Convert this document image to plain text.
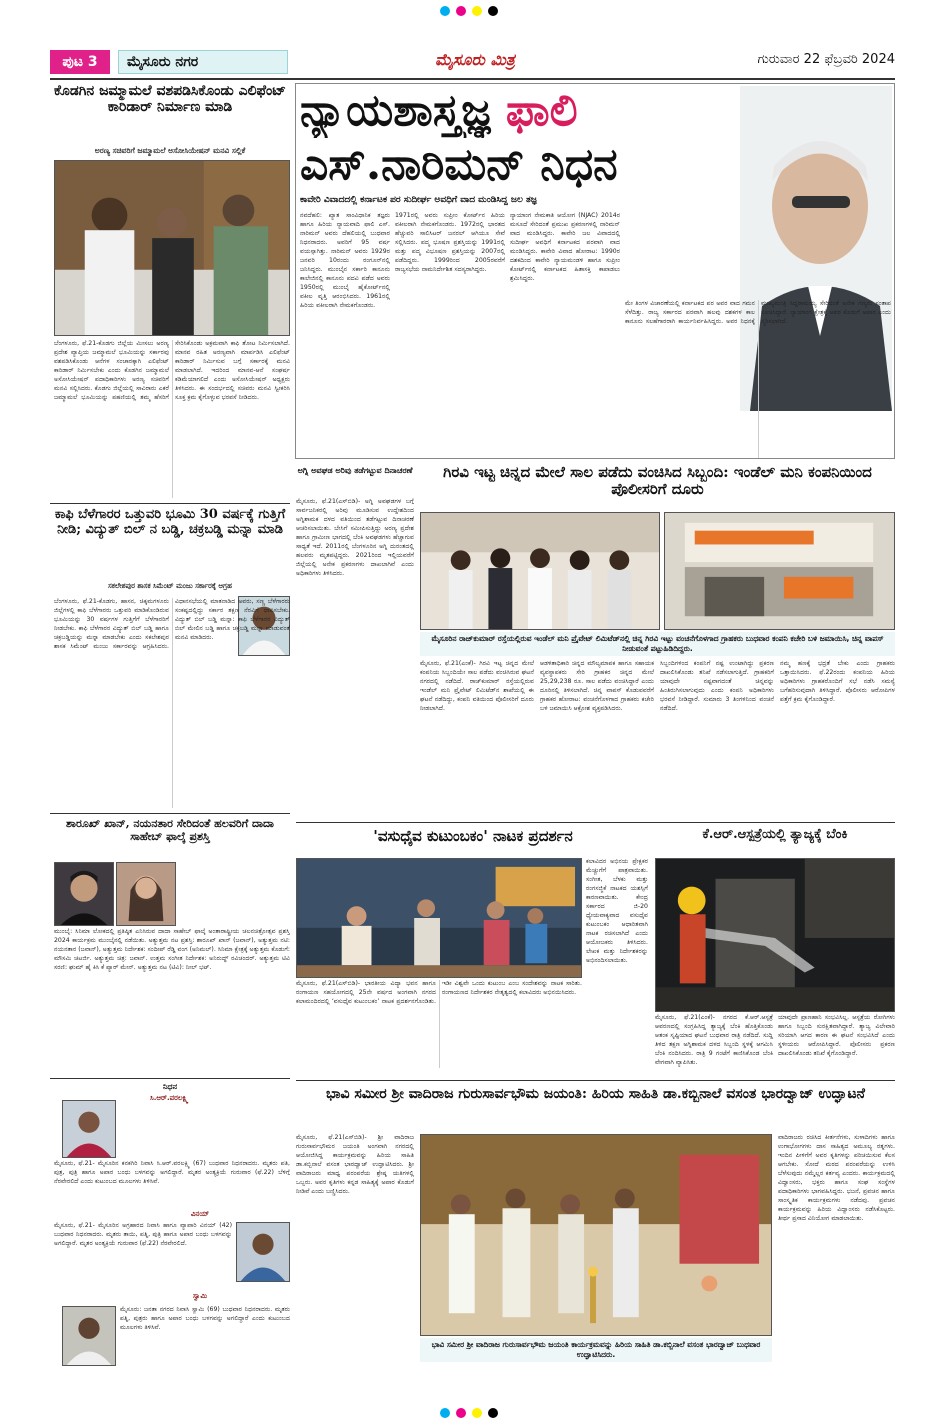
ಪುಟ 3	ಮೈಸೂರು ನಗರ	ಮೈಸೂರು ಮಿತ್ರ	ಗುರುವಾರ 22 ಫೆಬ್ರವರಿ 2024
ಕೊಡಗಿನ ಜಮ್ಮಾಮಲೆ ವಶಪಡಿಸಿಕೊಂಡು ಎಲಿಫೆಂಟ್ ಕಾರಿಡಾರ್ ನಿರ್ಮಾಣ ಮಾಡಿ
ಅರಣ್ಯ ಸಚಿವರಿಗೆ ಜಮ್ಮಾಮಲೆ ಅಸೋಸಿಯೇಷನ್ ಮನವಿ ಸಲ್ಲಿಕೆ
ಬೆಂಗಳೂರು, ಫೆ.21-ಕೊಡಗು ಜಿಲ್ಲೆಯ ಮೀಸಲು ಅರಣ್ಯ ಪ್ರದೇಶ ವ್ಯಾಪ್ತಿಯ ಜಮ್ಮಾಮಲೆ ಭೂಮಿಯನ್ನು ಸರ್ಕಾರವು ವಶಪಡಿಸಿಕೊಂಡು ಆನೆಗಳ ಸಂಚಾರಕ್ಕಾಗಿ ಎಲಿಫೆಂಟ್ ಕಾರಿಡಾರ್ ನಿರ್ಮಿಸಬೇಕು ಎಂದು ಕೊಡಗಿನ ಜಮ್ಮಾಮಲೆ ಅಸೋಸಿಯೇಷನ್ ಪದಾಧಿಕಾರಿಗಳು ಅರಣ್ಯ ಸಚಿವರಿಗೆ ಮನವಿ ಸಲ್ಲಿಸಿದರು. ಕೊಡಗು ಜಿಲ್ಲೆಯಲ್ಲಿ ಸಾವಿರಾರು ಎಕರೆ ಜಮ್ಮಾಮಲೆ ಭೂಮಿಯನ್ನು ಪಹಣಿಯಲ್ಲಿ ತಮ್ಮ ಹೆಸರಿಗೆ ಸೇರಿಸಿಕೊಂಡು ಅಕ್ರಮವಾಗಿ ಕಾಫಿ ತೋಟ ನಿರ್ಮಿಸಲಾಗಿದೆ. ಮಾನವ ರಹಿತ ಅರಣ್ಯವಾಗಿ ಮಾರ್ಪಡಿಸಿ ಎಲಿಫೆಂಟ್ ಕಾರಿಡಾರ್ ನಿರ್ಮಿಸುವ ಬಗ್ಗೆ ಸರ್ಕಾರಕ್ಕೆ ಮನವಿ ಮಾಡಲಾಗಿದೆ. ಇದರಿಂದ ಮಾನವ-ಆನೆ ಸಂಘರ್ಷ ಕಡಿಮೆಯಾಗಲಿದೆ ಎಂದು ಅಸೋಸಿಯೇಷನ್ ಅಧ್ಯಕ್ಷರು ತಿಳಿಸಿದರು. ಈ ಸಂದರ್ಭದಲ್ಲಿ ಸಚಿವರು ಮನವಿ ಸ್ವೀಕರಿಸಿ ಸೂಕ್ತ ಕ್ರಮ ಕೈಗೊಳ್ಳುವ ಭರವಸೆ ನೀಡಿದರು.
ನ್ಯಾಯಶಾಸ್ತ್ರಜ್ಞ ಫಾಲಿ
ಎಸ್.ನಾರಿಮನ್ ನಿಧನ
ಕಾವೇರಿ ವಿವಾದದಲ್ಲಿ ಕರ್ನಾಟಕ ಪರ ಸುದೀರ್ಘ ಅವಧಿಗೆ ವಾದ ಮಂಡಿಸಿದ್ದ ಜಲ ತಜ್ಞ
ನವದೆಹಲಿ: ಖ್ಯಾತ ಸಾಂವಿಧಾನಿಕ ತಜ್ಞರು ಹಾಗೂ ಹಿರಿಯ ನ್ಯಾಯವಾದಿ ಫಾಲಿ ಎಸ್. ನಾರಿಮನ್ ಅವರು ದೆಹಲಿಯಲ್ಲಿ ಬುಧವಾರ ನಿಧನರಾದರು. ಅವರಿಗೆ 95 ವರ್ಷ ವಯಸ್ಸಾಗಿತ್ತು. ನಾರಿಮನ್ ಅವರು 1929ರ ಜನವರಿ 10ರಂದು ರಂಗೂನ್‌ನಲ್ಲಿ ಜನಿಸಿದ್ದರು. ಮುಂಬೈನ ಸರ್ಕಾರಿ ಕಾನೂನು ಕಾಲೇಜಿನಲ್ಲಿ ಕಾನೂನು ಪದವಿ ಪಡೆದ ಅವರು 1950ರಲ್ಲಿ ಮುಂಬೈ ಹೈಕೋರ್ಟ್‌ನಲ್ಲಿ ವಕೀಲ ವೃತ್ತಿ ಆರಂಭಿಸಿದರು. 1961ರಲ್ಲಿ ಹಿರಿಯ ವಕೀಲರಾಗಿ ನೇಮಕಗೊಂಡರು.
1971ರಲ್ಲಿ ಅವರು ಸುಪ್ರೀಂ ಕೋರ್ಟ್‌ನ ಹಿರಿಯ ವಕೀಲರಾಗಿ ನೇಮಕಗೊಂಡರು. 1972ರಲ್ಲಿ ಭಾರತದ ಹೆಚ್ಚುವರಿ ಸಾಲಿಸಿಟರ್ ಜನರಲ್ ಆಗಿಯೂ ಸೇವೆ ಸಲ್ಲಿಸಿದರು. ಪದ್ಮ ಭೂಷಣ ಪ್ರಶಸ್ತಿಯನ್ನು 1991ರಲ್ಲಿ ಮತ್ತು ಪದ್ಮ ವಿಭೂಷಣ ಪ್ರಶಸ್ತಿಯನ್ನು 2007ರಲ್ಲಿ ಪಡೆದಿದ್ದರು. 1999ರಿಂದ 2005ರವರೆಗೆ ರಾಜ್ಯಸಭೆಯ ನಾಮನಿರ್ದೇಶಿತ ಸದಸ್ಯರಾಗಿದ್ದರು.
ನ್ಯಾಯಾಂಗ ನೇಮಕಾತಿ ಆಯೋಗ (NJAC) 2014ರ ಮಸೂದೆ ಸೇರಿದಂತೆ ಪ್ರಮುಖ ಪ್ರಕರಣಗಳಲ್ಲಿ ನಾರಿಮನ್ ವಾದ ಮಂಡಿಸಿದ್ದರು. ಕಾವೇರಿ ಜಲ ವಿವಾದದಲ್ಲಿ ಸುದೀರ್ಘ ಅವಧಿಗೆ ಕರ್ನಾಟಕದ ಪರವಾಗಿ ವಾದ ಮಂಡಿಸಿದ್ದರು. ಕಾವೇರಿ ವಿವಾದ ಹೋರಾಟ: 1990ರ ದಶಕದಿಂದ ಕಾವೇರಿ ನ್ಯಾಯಮಂಡಳಿ ಹಾಗೂ ಸುಪ್ರೀಂ ಕೋರ್ಟ್‌ನಲ್ಲಿ ಕರ್ನಾಟಕದ ಹಿತಾಸಕ್ತಿ ಕಾಪಾಡಲು ಶ್ರಮಿಸಿದ್ದರು.
ಮೇ ತಿಂಗಳ ವಿಚಾರಣೆಯಲ್ಲಿ ಕರ್ನಾಟಕದ ಪರ ಅವರ ವಾದ ಗಮನ ಸೆಳೆದಿತ್ತು. ರಾಜ್ಯ ಸರ್ಕಾರದ ಪರವಾಗಿ ಹಲವು ದಶಕಗಳ ಕಾಲ ಕಾನೂನು ಸಲಹೆಗಾರರಾಗಿ ಕಾರ್ಯನಿರ್ವಹಿಸಿದ್ದರು. ಅವರ ನಿಧನಕ್ಕೆ ಮುಖ್ಯಮಂತ್ರಿ ಸಿದ್ದರಾಮಯ್ಯ ಸೇರಿದಂತೆ ಅನೇಕ ಗಣ್ಯರು ಸಂತಾಪ ಸೂಚಿಸಿದ್ದಾರೆ. ನ್ಯಾಯಾಂಗ ಕ್ಷೇತ್ರಕ್ಕೆ ಅವರ ಕೊಡುಗೆ ಅಪಾರ ಎಂದು ಸ್ಮರಿಸಲಾಗಿದೆ.
ಕಾಫಿ ಬೆಳೆಗಾರರ ಒತ್ತುವರಿ ಭೂಮಿ 30 ವರ್ಷಕ್ಕೆ ಗುತ್ತಿಗೆ ನೀಡಿ; ವಿದ್ಯುತ್ ಬಿಲ್ ನ ಬಡ್ಡಿ, ಚಕ್ರಬಡ್ಡಿ ಮನ್ನಾ ಮಾಡಿ
ಸಕಲೇಶಪುರ ಶಾಸಕ ಸಿಮೆಂಟ್ ಮಂಜು ಸರ್ಕಾರಕ್ಕೆ ಆಗ್ರಹ
ಬೆಂಗಳೂರು, ಫೆ.21-ಕೊಡಗು, ಹಾಸನ, ಚಿಕ್ಕಮಗಳೂರು ಜಿಲ್ಲೆಗಳಲ್ಲಿ ಕಾಫಿ ಬೆಳೆಗಾರರು ಒತ್ತುವರಿ ಮಾಡಿಕೊಂಡಿರುವ ಭೂಮಿಯನ್ನು 30 ವರ್ಷಗಳ ಗುತ್ತಿಗೆಗೆ ಬೆಳೆಗಾರರಿಗೆ ನೀಡಬೇಕು. ಕಾಫಿ ಬೆಳೆಗಾರರ ವಿದ್ಯುತ್ ಬಿಲ್ ಬಡ್ಡಿ ಹಾಗೂ ಚಕ್ರಬಡ್ಡಿಯನ್ನು ಮನ್ನಾ ಮಾಡಬೇಕು ಎಂದು ಸಕಲೇಶಪುರ ಶಾಸಕ ಸಿಮೆಂಟ್ ಮಂಜು ಸರ್ಕಾರವನ್ನು ಆಗ್ರಹಿಸಿದರು. ವಿಧಾನಸಭೆಯಲ್ಲಿ ಮಾತನಾಡಿದ ಅವರು, ಸಣ್ಣ ಬೆಳೆಗಾರರು ಸಂಕಷ್ಟದಲ್ಲಿದ್ದು ಸರ್ಕಾರ ತಕ್ಷಣ ನೆರವಿಗೆ ಧಾವಿಸಬೇಕು. ವಿದ್ಯುತ್ ಬಿಲ್ ಬಡ್ಡಿ ಮನ್ನಾ: ಕಾಫಿ ಬೆಳೆಗಾರರ ವಿದ್ಯುತ್ ಬಿಲ್ ಮೇಲಿನ ಬಡ್ಡಿ ಹಾಗೂ ಚಕ್ರಬಡ್ಡಿ ಮನ್ನಾ ಮಾಡುವಂತೆ ಮನವಿ ಮಾಡಿದರು.
ಅಗ್ನಿ ಅವಘಡ ಅರಿವು ತಡೆಗಟ್ಟುವ ದಿನಾಚರಣೆ
ಮೈಸೂರು, ಫೆ.21(ಎಸ್‌ಬಿಡಿ)- ಅಗ್ನಿ ಅವಘಡಗಳ ಬಗ್ಗೆ ಸಾರ್ವಜನಿಕರಲ್ಲಿ ಅರಿವು ಮೂಡಿಸುವ ಉದ್ದೇಶದಿಂದ ಅಗ್ನಿಶಾಮಕ ದಳದ ವತಿಯಿಂದ ತಡೆಗಟ್ಟುವ ದಿನಾಚರಣೆ ಆಚರಿಸಲಾಯಿತು. ಬೇಸಿಗೆ ಸಮೀಪಿಸುತ್ತಿದ್ದು ಅರಣ್ಯ ಪ್ರದೇಶ ಹಾಗೂ ಗ್ರಾಮೀಣ ಭಾಗದಲ್ಲಿ ಬೆಂಕಿ ಅವಘಡಗಳು ಹೆಚ್ಚಾಗುವ ಸಾಧ್ಯತೆ ಇದೆ. 2011ರಲ್ಲಿ ಬೆಂಗಳೂರಿನ ಅಗ್ನಿ ದುರಂತದಲ್ಲಿ ಹಲವರು ಮೃತಪಟ್ಟಿದ್ದರು. 2021ರಿಂದ ಇಲ್ಲಿಯವರೆಗೆ ಜಿಲ್ಲೆಯಲ್ಲಿ ಅನೇಕ ಪ್ರಕರಣಗಳು ದಾಖಲಾಗಿವೆ ಎಂದು ಅಧಿಕಾರಿಗಳು ತಿಳಿಸಿದರು.
ಗಿರವಿ ಇಟ್ಟ ಚಿನ್ನದ ಮೇಲೆ ಸಾಲ ಪಡೆದು ವಂಚಿಸಿದ ಸಿಬ್ಬಂದಿ: ಇಂಡೆಲ್ ಮನಿ ಕಂಪನಿಯಿಂದ ಪೊಲೀಸರಿಗೆ ದೂರು
ಮೈಸೂರಿನ ರಾಜ್‌ಕುಮಾರ್ ರಸ್ತೆಯಲ್ಲಿರುವ ಇಂಡೆಲ್ ಮನಿ ಪ್ರೈವೇಟ್ ಲಿಮಿಟೆಡ್‌ನಲ್ಲಿ ಚಿನ್ನ ಗಿರವಿ ಇಟ್ಟು ವಂಚನೆಗೊಳಗಾದ ಗ್ರಾಹಕರು ಬುಧವಾರ ಕಂಪನಿ ಕಚೇರಿ ಬಳಿ ಜಮಾಯಿಸಿ, ಚಿನ್ನ ವಾಪಸ್ ನೀಡುವಂತೆ ಪಟ್ಟುಹಿಡಿದಿದ್ದರು.
ಮೈಸೂರು, ಫೆ.21(ಎಂಕೆ)- ಗಿರವಿ ಇಟ್ಟ ಚಿನ್ನದ ಮೇಲೆ ಕಂಪನಿಯ ಸಿಬ್ಬಂದಿಯೇ ಸಾಲ ಪಡೆದು ವಂಚಿಸಿರುವ ಘಟನೆ ನಗರದಲ್ಲಿ ನಡೆದಿದೆ. ರಾಜ್‌ಕುಮಾರ್ ರಸ್ತೆಯಲ್ಲಿರುವ ಇಂಡೆಲ್ ಮನಿ ಪ್ರೈವೇಟ್ ಲಿಮಿಟೆಡ್‌ನ ಶಾಖೆಯಲ್ಲಿ ಈ ಘಟನೆ ನಡೆದಿದ್ದು, ಕಂಪನಿ ವತಿಯಿಂದ ಪೊಲೀಸರಿಗೆ ದೂರು ನೀಡಲಾಗಿದೆ.
ಆಡಳಿತಾಧಿಕಾರಿ ಚಿನ್ನದ ಮೌಲ್ಯಮಾಪಕ ಹಾಗೂ ಸಹಾಯಕ ವ್ಯವಸ್ಥಾಪಕರು ಸೇರಿ ಗ್ರಾಹಕರ ಚಿನ್ನದ ಮೇಲೆ 25,29,238 ರೂ. ಸಾಲ ಪಡೆದು ವಂಚಿಸಿದ್ದಾರೆ ಎಂದು ದೂರಿನಲ್ಲಿ ತಿಳಿಸಲಾಗಿದೆ. ಚಿನ್ನ ವಾಪಸ್ ಕೊಡುವವರೆಗೆ ಗ್ರಾಹಕರ ಹೋರಾಟ: ವಂಚನೆಗೊಳಗಾದ ಗ್ರಾಹಕರು ಕಚೇರಿ ಬಳಿ ಜಮಾಯಿಸಿ ಆಕ್ರೋಶ ವ್ಯಕ್ತಪಡಿಸಿದರು.
ಸಿಬ್ಬಂದಿಗಳಿಂದ ಕಂಪನಿಗೆ ನಷ್ಟ ಉಂಟಾಗಿದ್ದು ಪ್ರಕರಣ ದಾಖಲಿಸಿಕೊಂಡು ತನಿಖೆ ನಡೆಸಲಾಗುತ್ತಿದೆ. ಗ್ರಾಹಕರಿಗೆ ಯಾವುದೇ ನಷ್ಟವಾಗದಂತೆ ಚಿನ್ನವನ್ನು ಹಿಂತಿರುಗಿಸಲಾಗುವುದು ಎಂದು ಕಂಪನಿ ಅಧಿಕಾರಿಗಳು ಭರವಸೆ ನೀಡಿದ್ದಾರೆ. ಸುಮಾರು 3 ತಿಂಗಳಿನಿಂದ ವಂಚನೆ ನಡೆದಿದೆ.
ನಮ್ಮ ಹಣಕ್ಕೆ ಭದ್ರತೆ ಬೇಕು ಎಂದು ಗ್ರಾಹಕರು ಒತ್ತಾಯಿಸಿದರು. ಫೆ.22ರಂದು ಕಂಪನಿಯ ಹಿರಿಯ ಅಧಿಕಾರಿಗಳು ಗ್ರಾಹಕರೊಂದಿಗೆ ಸಭೆ ನಡೆಸಿ ಸಮಸ್ಯೆ ಬಗೆಹರಿಸುವುದಾಗಿ ತಿಳಿಸಿದ್ದಾರೆ. ಪೊಲೀಸರು ಆರೋಪಿಗಳ ಪತ್ತೆಗೆ ಕ್ರಮ ಕೈಗೊಂಡಿದ್ದಾರೆ.
ಶಾರೂಖ್ ಖಾನ್, ನಯನತಾರ ಸೇರಿದಂತೆ ಹಲವರಿಗೆ ದಾದಾ ಸಾಹೇಬ್ ಫಾಲ್ಕೆ ಪ್ರಶಸ್ತಿ
ಮುಂಬೈ: ಸಿನಿಮಾ ಲೋಕದಲ್ಲಿ ಪ್ರತಿಷ್ಠಿತ ಎನಿಸಿರುವ ದಾದಾ ಸಾಹೇಬ್ ಫಾಲ್ಕೆ ಅಂತಾರಾಷ್ಟ್ರೀಯ ಚಲನಚಿತ್ರೋತ್ಸವ ಪ್ರಶಸ್ತಿ 2024 ಕಾರ್ಯಕ್ರಮ ಮುಂಬೈನಲ್ಲಿ ನಡೆಯಿತು. ಅತ್ಯುತ್ತಮ ನಟ ಪ್ರಶಸ್ತಿ: ಶಾರೂಖ್ ಖಾನ್ (ಜವಾನ್), ಅತ್ಯುತ್ತಮ ನಟಿ: ನಯನತಾರ (ಜವಾನ್), ಅತ್ಯುತ್ತಮ ನಿರ್ದೇಶಕ: ಸಂದೀಪ್ ರೆಡ್ಡಿ ವಂಗ (ಅನಿಮಲ್). ಸಿನಿಮಾ ಕ್ಷೇತ್ರಕ್ಕೆ ಅತ್ಯುತ್ತಮ ಕೊಡುಗೆ: ಮೌಸಮಿ ಚಟರ್ಜಿ. ಅತ್ಯುತ್ತಮ ಚಿತ್ರ: ಜವಾನ್. ಉತ್ತಮ ಸಂಗೀತ ನಿರ್ದೇಶಕ: ಅನಿರುದ್ಧ್ ರವಿಚಂದರ್. ಅತ್ಯುತ್ತಮ ಟಿವಿ ಸರಣಿ: ಘುಮ್ ಹೈ ಕಿಸಿ ಕೆ ಪ್ಯಾರ್ ಮೇನ್. ಅತ್ಯುತ್ತಮ ನಟ (ಟಿವಿ): ನೀಲ್ ಭಟ್.
ನಿಧನ
ಸಿ.ಆರ್.ವರಲಕ್ಷ್ಮಿ
ಮೈಸೂರು, ಫೆ.21- ಮೈಸೂರಿನ ಕನಕಗಿರಿ ನಿವಾಸಿ ಸಿ.ಆರ್.ವರಲಕ್ಷ್ಮಿ (67) ಬುಧವಾರ ನಿಧನರಾದರು. ಮೃತರು ಪತಿ, ಪುತ್ರ, ಪುತ್ರಿ ಹಾಗೂ ಅಪಾರ ಬಂಧು ಬಳಗವನ್ನು ಅಗಲಿದ್ದಾರೆ. ಮೃತರ ಅಂತ್ಯಕ್ರಿಯೆ ಗುರುವಾರ (ಫೆ.22) ಬೆಳಿಗ್ಗೆ ನೆರವೇರಲಿದೆ ಎಂದು ಕುಟುಂಬದ ಮೂಲಗಳು ತಿಳಿಸಿವೆ.
ವಿನಯ್
ಮೈಸೂರು, ಫೆ.21- ಮೈಸೂರಿನ ಅಗ್ರಹಾರದ ನಿವಾಸಿ ಹಾಗೂ ವ್ಯಾಪಾರಿ ವಿನಯ್ (42) ಬುಧವಾರ ನಿಧನರಾದರು. ಮೃತರು ತಾಯಿ, ಪತ್ನಿ, ಪುತ್ರಿ ಹಾಗೂ ಅಪಾರ ಬಂಧು ಬಳಗವನ್ನು ಅಗಲಿದ್ದಾರೆ. ಮೃತರ ಅಂತ್ಯಕ್ರಿಯೆ ಗುರುವಾರ (ಫೆ.22) ನೆರವೇರಲಿದೆ.
ಸ್ವಾಮಿ
ಮೈಸೂರು: ಜನತಾ ನಗರದ ನಿವಾಸಿ ಸ್ವಾಮಿ (69) ಬುಧವಾರ ನಿಧನರಾದರು. ಮೃತರು ಪತ್ನಿ, ಪುತ್ರರು ಹಾಗೂ ಅಪಾರ ಬಂಧು ಬಳಗವನ್ನು ಅಗಲಿದ್ದಾರೆ ಎಂದು ಕುಟುಂಬದ ಮೂಲಗಳು ತಿಳಿಸಿವೆ.
'ವಸುಧೈವ ಕುಟುಂಬಕಂ' ನಾಟಕ ಪ್ರದರ್ಶನ
ಮೈಸೂರು, ಫೆ.21(ಎಸ್‌ಬಿಡಿ)- ಭಾರತೀಯ ವಿದ್ಯಾ ಭವನ ಹಾಗೂ ರಂಗಾಯಣ ಸಹಯೋಗದಲ್ಲಿ 25ನೇ ವರ್ಷದ ಅಂಗವಾಗಿ ನಗರದ ಕಲಾಮಂದಿರದಲ್ಲಿ ‘ವಸುಧೈವ ಕುಟುಂಬಕಂ’ ನಾಟಕ ಪ್ರದರ್ಶನಗೊಂಡಿತು. ಇಡೀ ವಿಶ್ವವೇ ಒಂದು ಕುಟುಂಬ ಎಂಬ ಸಂದೇಶವನ್ನು ನಾಟಕ ಸಾರಿತು. ರಂಗಾಯಣದ ನಿರ್ದೇಶಕರ ನೇತೃತ್ವದಲ್ಲಿ ಕಲಾವಿದರು ಅಭಿನಯಿಸಿದರು.
ಕಲಾವಿದರ ಅಭಿನಯ ಪ್ರೇಕ್ಷಕರ ಮೆಚ್ಚುಗೆಗೆ ಪಾತ್ರವಾಯಿತು. ಸಂಗೀತ, ಬೆಳಕು ಮತ್ತು ರಂಗಸಜ್ಜಿಕೆ ನಾಟಕದ ಯಶಸ್ಸಿಗೆ ಕಾರಣವಾಯಿತು. ಕೇಂದ್ರ ಸರ್ಕಾರದ ಜಿ-20 ಧ್ಯೇಯವಾಕ್ಯವಾದ ವಸುಧೈವ ಕುಟುಂಬಕಂ ಆಧಾರಿತವಾಗಿ ನಾಟಕ ರಚಿಸಲಾಗಿದೆ ಎಂದು ಆಯೋಜಕರು ತಿಳಿಸಿದರು. ಲೇಖಕ ಮತ್ತು ನಿರ್ದೇಶಕರನ್ನು ಅಭಿನಂದಿಸಲಾಯಿತು.
ಕೆ.ಆರ್.ಆಸ್ಪತ್ರೆಯಲ್ಲಿ ತ್ಯಾಜ್ಯಕ್ಕೆ ಬೆಂಕಿ
ಮೈಸೂರು, ಫೆ.21(ಎಂಕೆ)- ನಗರದ ಕೆ.ಆರ್.ಆಸ್ಪತ್ರೆ ಆವರಣದಲ್ಲಿ ಸಂಗ್ರಹಿಸಿದ್ದ ತ್ಯಾಜ್ಯಕ್ಕೆ ಬೆಂಕಿ ಹೊತ್ತಿಕೊಂಡು ಆತಂಕ ಸೃಷ್ಟಿಯಾದ ಘಟನೆ ಬುಧವಾರ ರಾತ್ರಿ ನಡೆದಿದೆ. ಸುದ್ದಿ ತಿಳಿದ ತಕ್ಷಣ ಅಗ್ನಿಶಾಮಕ ದಳದ ಸಿಬ್ಬಂದಿ ಸ್ಥಳಕ್ಕೆ ಆಗಮಿಸಿ ಬೆಂಕಿ ನಂದಿಸಿದರು. ರಾತ್ರಿ 9 ಗಂಟೆಗೆ ಕಾಣಿಸಿಕೊಂಡ ಬೆಂಕಿ ವೇಗವಾಗಿ ವ್ಯಾಪಿಸಿತು.
ಯಾವುದೇ ಪ್ರಾಣಹಾನಿ ಸಂಭವಿಸಿಲ್ಲ. ಆಸ್ಪತ್ರೆಯ ರೋಗಿಗಳು ಹಾಗೂ ಸಿಬ್ಬಂದಿ ಸುರಕ್ಷಿತವಾಗಿದ್ದಾರೆ. ತ್ಯಾಜ್ಯ ವಿಲೇವಾರಿ ಸರಿಯಾಗಿ ಆಗದ ಕಾರಣ ಈ ಘಟನೆ ಸಂಭವಿಸಿದೆ ಎಂದು ಸ್ಥಳೀಯರು ಆರೋಪಿಸಿದ್ದಾರೆ. ಪೊಲೀಸರು ಪ್ರಕರಣ ದಾಖಲಿಸಿಕೊಂಡು ತನಿಖೆ ಕೈಗೊಂಡಿದ್ದಾರೆ.
ಭಾವಿ ಸಮೀರ ಶ್ರೀ ವಾದಿರಾಜ ಗುರುಸಾರ್ವಭೌಮ ಜಯಂತಿ: ಹಿರಿಯ ಸಾಹಿತಿ ಡಾ.ಕಬ್ಬಿನಾಲೆ ವಸಂತ ಭಾರದ್ವಾಜ್ ಉದ್ಘಾಟನೆ
ಮೈಸೂರು, ಫೆ.21(ಎಸ್‌ಬಿಡಿ)- ಶ್ರೀ ವಾದಿರಾಜ ಗುರುಸಾರ್ವಭೌಮರ ಜಯಂತಿ ಅಂಗವಾಗಿ ನಗರದಲ್ಲಿ ಆಯೋಜಿಸಿದ್ದ ಕಾರ್ಯಕ್ರಮವನ್ನು ಹಿರಿಯ ಸಾಹಿತಿ ಡಾ.ಕಬ್ಬಿನಾಲೆ ವಸಂತ ಭಾರದ್ವಾಜ್ ಉದ್ಘಾಟಿಸಿದರು. ಶ್ರೀ ವಾದಿರಾಜರು ಮಾಧ್ವ ಪರಂಪರೆಯ ಶ್ರೇಷ್ಠ ಯತಿಗಳಲ್ಲಿ ಒಬ್ಬರು. ಅವರ ಕೃತಿಗಳು ಕನ್ನಡ ಸಾಹಿತ್ಯಕ್ಕೆ ಅಪಾರ ಕೊಡುಗೆ ನೀಡಿವೆ ಎಂದು ಬಣ್ಣಿಸಿದರು.
ಭಾವಿ ಸಮೀರ ಶ್ರೀ ವಾದಿರಾಜ ಗುರುಸಾರ್ವಭೌಮ ಜಯಂತಿ ಕಾರ್ಯಕ್ರಮವನ್ನು ಹಿರಿಯ ಸಾಹಿತಿ ಡಾ.ಕಬ್ಬಿನಾಲೆ ವಸಂತ ಭಾರದ್ವಾಜ್ ಬುಧವಾರ ಉದ್ಘಾಟಿಸಿದರು.
ವಾದಿರಾಜರು ರಚಿಸಿದ ಕೀರ್ತನೆಗಳು, ಸುಳಾದಿಗಳು ಹಾಗೂ ಉಗಾಭೋಗಗಳು ದಾಸ ಸಾಹಿತ್ಯದ ಅಮೂಲ್ಯ ರತ್ನಗಳು. ಇಂದಿನ ಪೀಳಿಗೆಗೆ ಅವರ ಕೃತಿಗಳನ್ನು ಪರಿಚಯಿಸುವ ಕೆಲಸ ಆಗಬೇಕು. ಸೋದೆ ಮಠದ ಪರಂಪರೆಯನ್ನು ಉಳಿಸಿ ಬೆಳೆಸುವುದು ನಮ್ಮೆಲ್ಲರ ಕರ್ತವ್ಯ ಎಂದರು. ಕಾರ್ಯಕ್ರಮದಲ್ಲಿ ವಿದ್ವಾಂಸರು, ಭಕ್ತರು ಹಾಗೂ ಸಂಘ ಸಂಸ್ಥೆಗಳ ಪದಾಧಿಕಾರಿಗಳು ಭಾಗವಹಿಸಿದ್ದರು. ಭಜನೆ, ಪ್ರವಚನ ಹಾಗೂ ಸಾಂಸ್ಕೃತಿಕ ಕಾರ್ಯಕ್ರಮಗಳು ನಡೆದವು. ಪ್ರವಚನ ಕಾರ್ಯಕ್ರಮವನ್ನು ಹಿರಿಯ ವಿದ್ವಾಂಸರು ನಡೆಸಿಕೊಟ್ಟರು. ತೀರ್ಥ ಪ್ರಸಾದ ವಿನಿಯೋಗ ಮಾಡಲಾಯಿತು.
